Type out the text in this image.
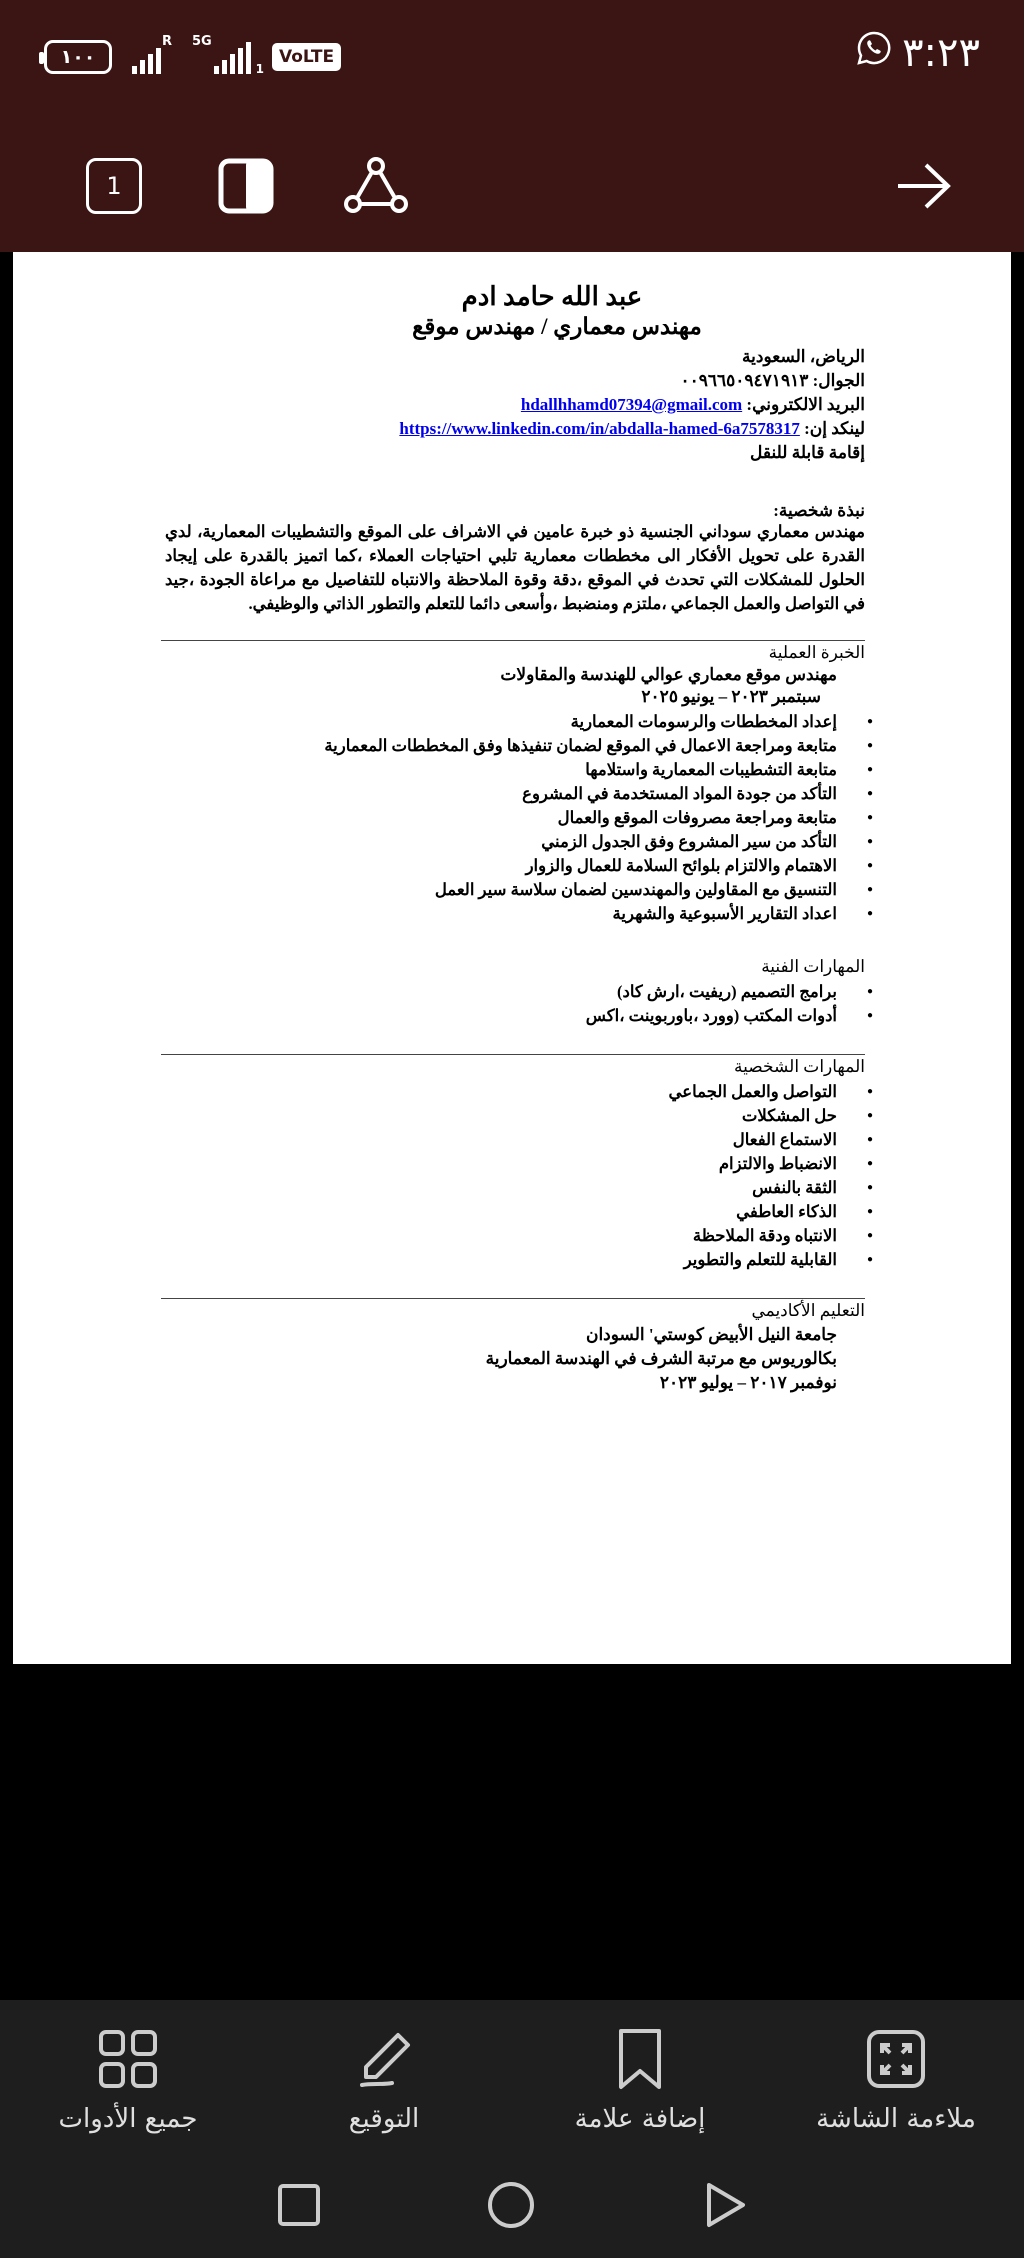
١٠٠
R 5G
1
VoLTE	٣:٢٣
1
عبد الله حامد ادم
مهندس معماري / مهندس موقع
الرياض، السعودية
الجوال: ٠٠٩٦٦٥٠٩٤٧١٩١٣
البريد الالكتروني: hdallhhamd07394@gmail.com
لينكد إن: https://www.linkedin.com/in/abdalla-hamed-6a7578317
إقامة قابلة للنقل
نبذة شخصية:
مهندس معماري سوداني الجنسية ذو خبرة عامين في الاشراف على الموقع والتشطيبات المعمارية، لدي القدرة على تحويل الأفكار الى مخططات معمارية تلبي احتياجات العملاء ،كما اتميز بالقدرة على إيجاد الحلول للمشكلات التي تحدث في الموقع ،دقة وقوة الملاحظة والانتباه للتفاصيل مع مراعاة الجودة ،جيد في التواصل والعمل الجماعي ،ملتزم ومنضبط ،وأسعى دائما للتعلم والتطور الذاتي والوظيفي.
الخبرة العملية
مهندس موقع معماري عوالي للهندسة والمقاولات
سبتمبر ٢٠٢٣ – يونيو ٢٠٢٥
إعداد المخططات والرسومات المعمارية ●
متابعة ومراجعة الاعمال في الموقع لضمان تنفيذها وفق المخططات المعمارية ●
متابعة التشطيبات المعمارية واستلامها ●
التأكد من جودة المواد المستخدمة في المشروع ●
متابعة ومراجعة مصروفات الموقع والعمال ●
التأكد من سير المشروع وفق الجدول الزمني ●
الاهتمام والالتزام بلوائح السلامة للعمال والزوار ●
التنسيق مع المقاولين والمهندسين لضمان سلاسة سير العمل ●
اعداد التقارير الأسبوعية والشهرية ●
المهارات الفنية
برامج التصميم (ريفيت ،ارش كاد) ●
أدوات المكتب (وورد ،باوربوينت ،اكس ●
المهارات الشخصية
التواصل والعمل الجماعي ●
حل المشكلات ●
الاستماع الفعال ●
الانضباط والالتزام ●
الثقة بالنفس ●
الذكاء العاطفي ●
الانتباه ودقة الملاحظة ●
القابلية للتعلم والتطوير ●
التعليم الأكاديمي
جامعة النيل الأبيض كوستي' السودان
بكالوريوس مع مرتبة الشرف في الهندسة المعمارية
نوفمبر ٢٠١٧ – يوليو ٢٠٢٣
جميع الأدوات	التوقيع	إضافة علامة	ملاءمة الشاشة
